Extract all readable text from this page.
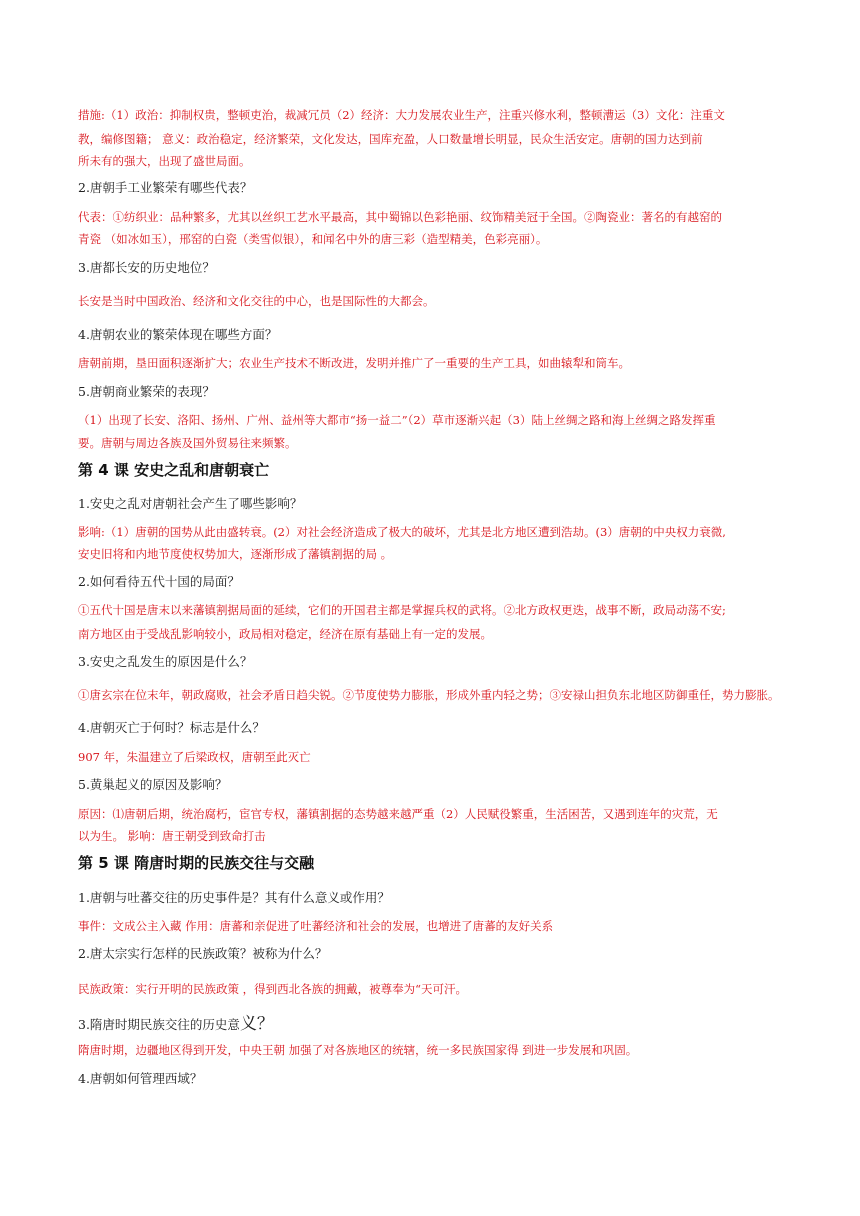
措施:（1）政治：抑制权贵，整顿吏治，裁减冗员（2）经济：大力发展农业生产，注重兴修水利，整顿漕运（3）文化：注重文
教，编修图籍； 意义：政治稳定，经济繁荣，文化发达，国库充盈，人口数量增长明显，民众生活安定。唐朝的国力达到前
所未有的强大，出现了盛世局面。
2.唐朝手工业繁荣有哪些代表？
代表：①纺织业：品种繁多，尤其以丝织工艺水平最高，其中蜀锦以色彩艳丽、纹饰精美冠于全国。②陶瓷业：著名的有越窑的
青瓷 （如冰如玉），邢窑的白瓷（类雪似银），和闻名中外的唐三彩（造型精美，色彩亮丽）。
3.唐都长安的历史地位？
长安是当时中国政治、经济和文化交往的中心，也是国际性的大都会。
4.唐朝农业的繁荣体现在哪些方面？
唐朝前期，垦田面积逐渐扩大；农业生产技术不断改进，发明并推广了一重要的生产工具，如曲辕犁和筒车。
5.唐朝商业繁荣的表现？
（1）出现了长安、洛阳、扬州、广州、益州等大都市“扬一益二”（2）草市逐渐兴起（3）陆上丝绸之路和海上丝绸之路发挥重
要。唐朝与周边各族及国外贸易往来频繁。
第 4 课 安史之乱和唐朝衰亡
1.安史之乱对唐朝社会产生了哪些影响？
影响:（1）唐朝的国势从此由盛转衰。(2）对社会经济造成了极大的破坏，尤其是北方地区遭到浩劫。(3）唐朝的中央权力衰微,
安史旧将和内地节度使权势加大，逐渐形成了藩镇割据的局 。
2.如何看待五代十国的局面？
①五代十国是唐末以来藩镇割据局面的延续，它们的开国君主都是掌握兵权的武将。②北方政权更迭，战事不断，政局动荡不安;
南方地区由于受战乱影响较小，政局相对稳定，经济在原有基础上有一定的发展。
3.安史之乱发生的原因是什么？
①唐玄宗在位末年，朝政腐败，社会矛盾日趋尖锐。②节度使势力膨胀，形成外重内轻之势；③安禄山担负东北地区防御重任，势力膨胀。
4.唐朝灭亡于何时？标志是什么？
907 年，朱温建立了后梁政权，唐朝至此灭亡
5.黄巢起义的原因及影响？
原因：⑴唐朝后期，统治腐朽，宦官专权，藩镇割据的态势越来越严重（2）人民赋役繁重，生活困苦，又遇到连年的灾荒，无
以为生。 影响：唐王朝受到致命打击
第 5 课 隋唐时期的民族交往与交融
1.唐朝与吐蕃交往的历史事件是？其有什么意义或作用？
事件：文成公主入藏 作用：唐蕃和亲促进了吐蕃经济和社会的发展，也增进了唐蕃的友好关系
2.唐太宗实行怎样的民族政策？被称为什么？
民族政策：实行开明的民族政策 ，得到西北各族的拥戴，被尊奉为“天可汗。
3.隋唐时期民族交往的历史意义？
隋唐时期，边疆地区得到开发，中央王朝 加强了对各族地区的统辖，统一多民族国家得 到进一步发展和巩固。
4.唐朝如何管理西域？
